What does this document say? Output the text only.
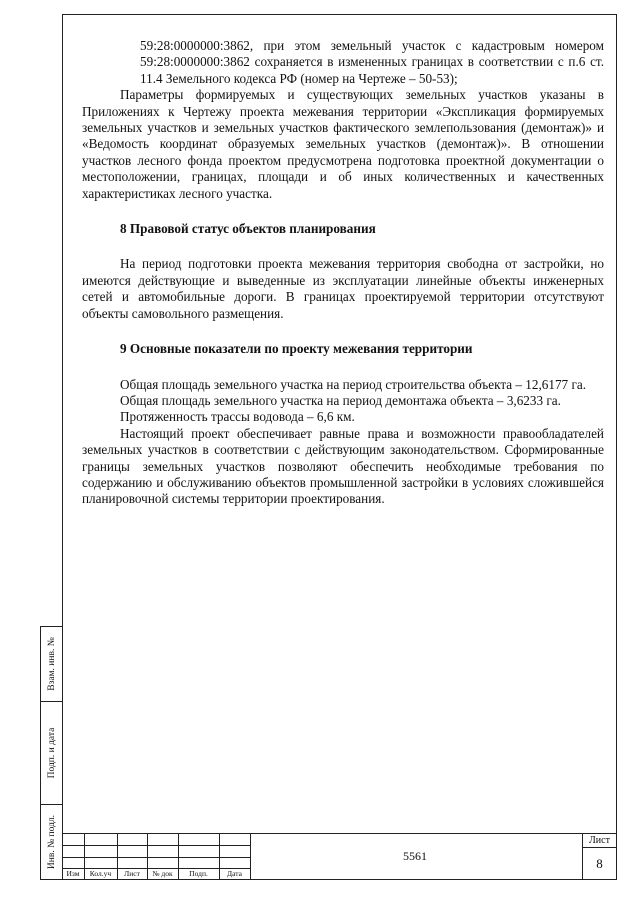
Взам. инв. №
Подп. и дата
Инв. № подл.

59:28:0000000:3862, при этом земельный участок с кадастровым номером 59:28:0000000:3862 сохраняется в измененных границах в соответствии с п.6 ст. 11.4 Земельного кодекса РФ (номер на Чертеже – 50-53);

Параметры формируемых и существующих земельных участков указаны в Приложениях к Чертежу проекта межевания территории «Экспликация формируемых земельных участков и земельных участков фактического землепользования (демонтаж)» и «Ведомость координат образуемых земельных участков (демонтаж)». В отношении участков лесного фонда проектом предусмотрена подготовка проектной документации о местоположении, границах, площади и об иных количественных и качественных характеристиках лесного участка.

8 Правовой статус объектов планирования

На период подготовки проекта межевания территория свободна от застройки, но имеются действующие и выведенные из эксплуатации линейные объекты инженерных сетей и автомобильные дороги. В границах проектируемой территории отсутствуют объекты самовольного размещения.

9 Основные показатели по проекту межевания территории

Общая площадь земельного участка на период строительства объекта – 12,6177 га.

Общая площадь земельного участка на период демонтажа объекта – 3,6233 га.

Протяженность трассы водовода – 6,6 км.

Настоящий проект обеспечивает равные права и возможности правообладателей земельных участков в соответствии с действующим законодательством. Сформированные границы земельных участков позволяют обеспечить необходимые требования по содержанию и обслуживанию объектов промышленной застройки в условиях сложившейся планировочной системы территории проектирования.

Изм	Кол.уч	Лист	№ док	Подп.	Дата
5561
Лист
8
